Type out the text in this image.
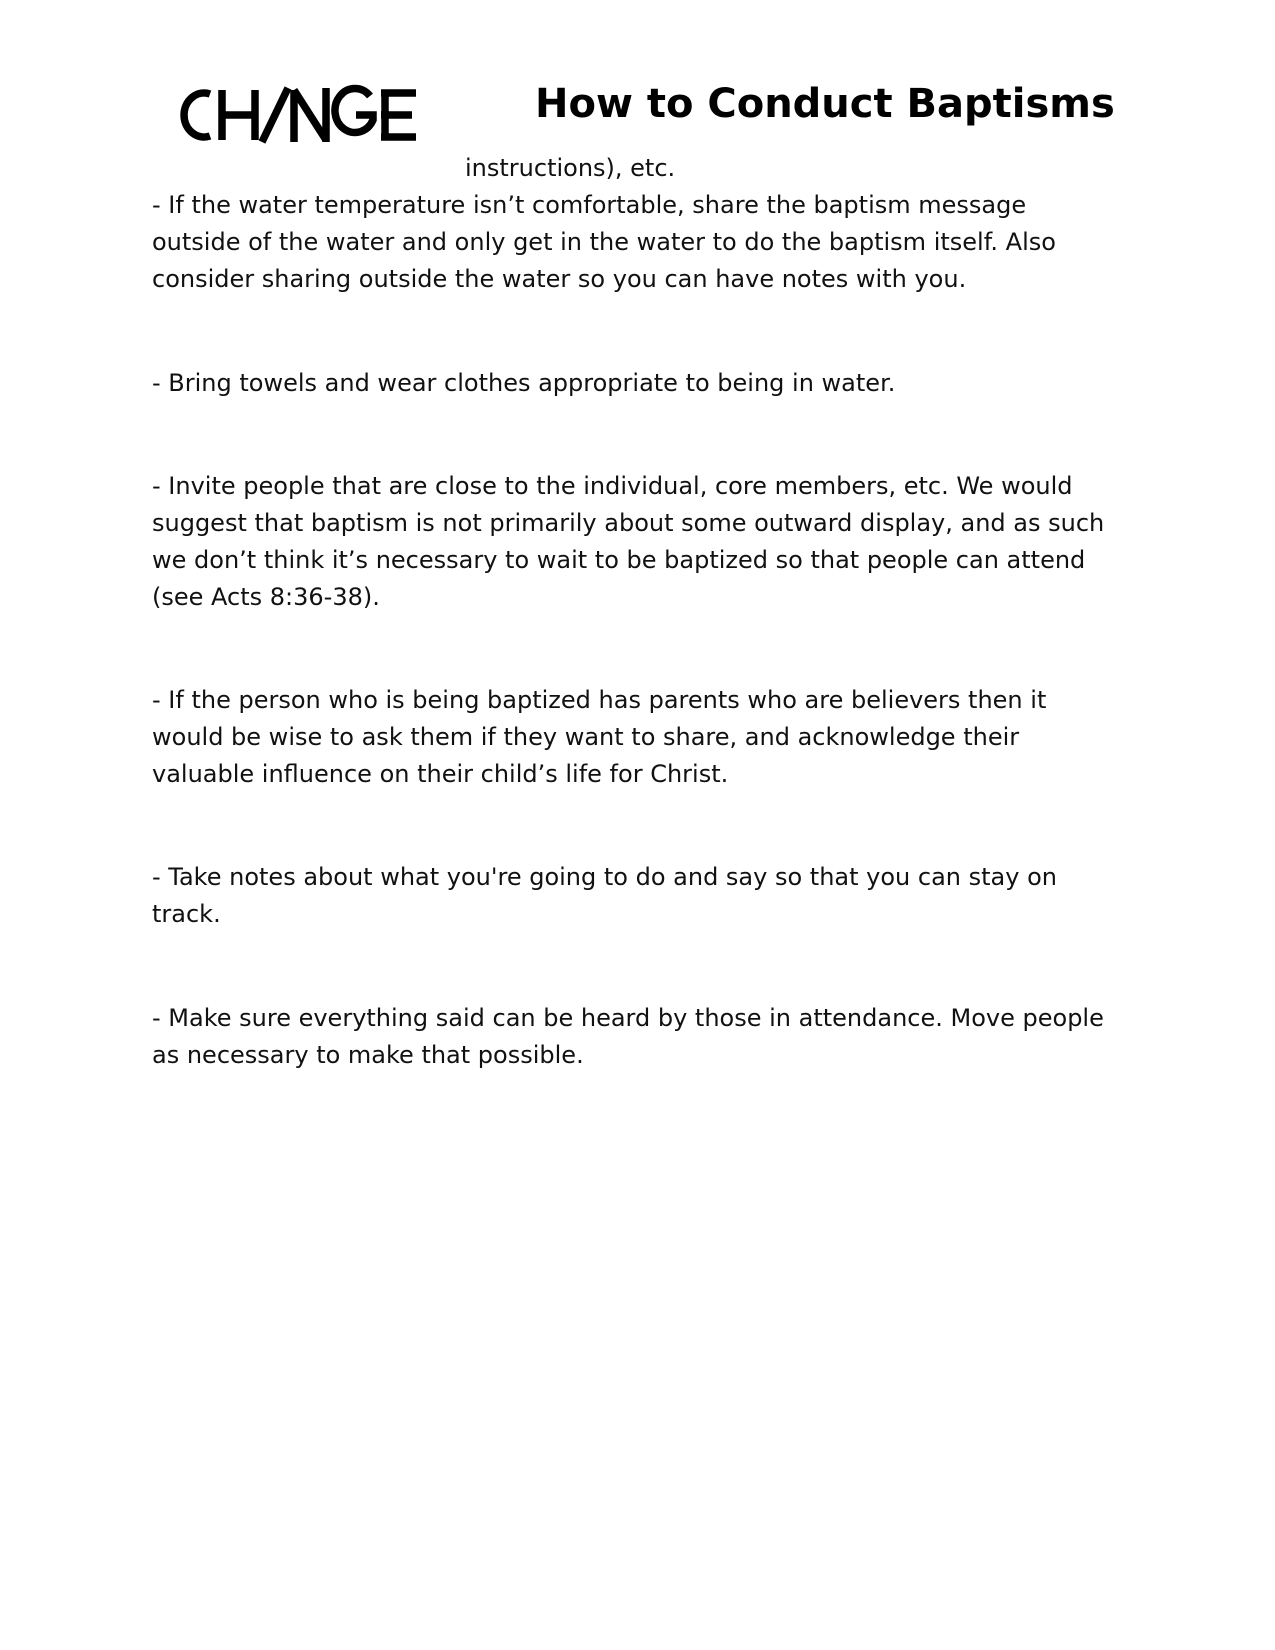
How to Conduct Baptisms

instructions), etc.

- If the water temperature isn’t comfortable, share the baptism message
outside of the water and only get in the water to do the baptism itself. Also
consider sharing outside the water so you can have notes with you.

- Bring towels and wear clothes appropriate to being in water.

- Invite people that are close to the individual, core members, etc. We would
suggest that baptism is not primarily about some outward display, and as such
we don’t think it’s necessary to wait to be baptized so that people can attend
(see Acts 8:36-38).

- If the person who is being baptized has parents who are believers then it
would be wise to ask them if they want to share, and acknowledge their
valuable influence on their child’s life for Christ.

- Take notes about what you're going to do and say so that you can stay on
track.

- Make sure everything said can be heard by those in attendance. Move people
as necessary to make that possible.
